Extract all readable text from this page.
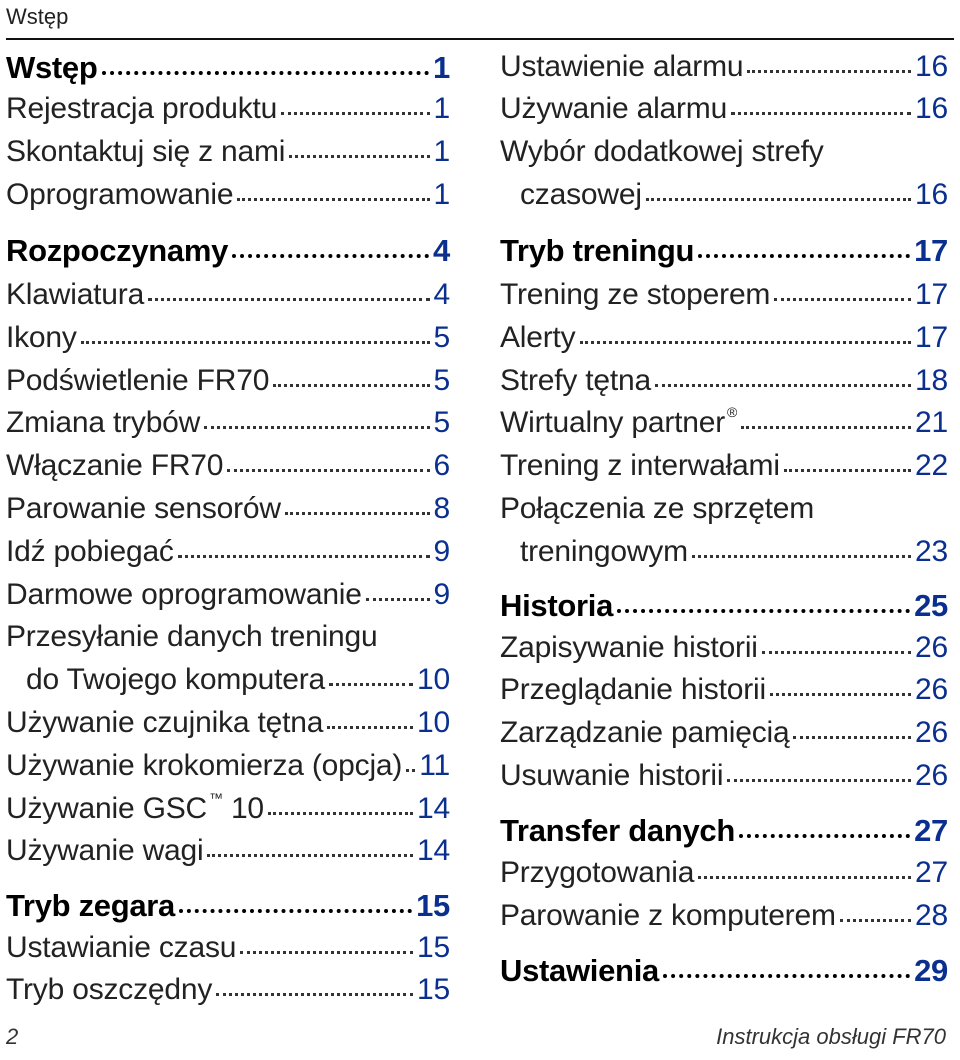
Wstęp
Wstęp	1
Rejestracja produktu	1
Skontaktuj się z nami	1
Oprogramowanie	1
Rozpoczynamy	4
Klawiatura	4
Ikony	5
Podświetlenie FR70	5
Zmiana trybów	5
Włączanie FR70	6
Parowanie sensorów	8
Idź pobiegać	9
Darmowe oprogramowanie 9
Przesyłanie danych treningu
do Twojego komputera	10
Używanie czujnika tętna	10
Używanie krokomierza (opcja) 11
Używanie GSC ™ 10	14
Używanie wagi	14
Tryb zegara	15
Ustawianie czasu	15
Tryb oszczędny	15
Ustawienie alarmu	16
Używanie alarmu	16
Wybór dodatkowej strefy
czasowej	16
Tryb treningu	17
Trening ze stoperem	17
Alerty	17
Strefy tętna	18
Wirtualny partner ®	21
Trening z interwałami	22
Połączenia ze sprzętem
treningowym	23
Historia	25
Zapisywanie historii	26
Przeglądanie historii	26
Zarządzanie pamięcią	26
Usuwanie historii	26
Transfer danych	27
Przygotowania	27
Parowanie z komputerem	28
Ustawienia	29
2	Instrukcja obsługi FR70
